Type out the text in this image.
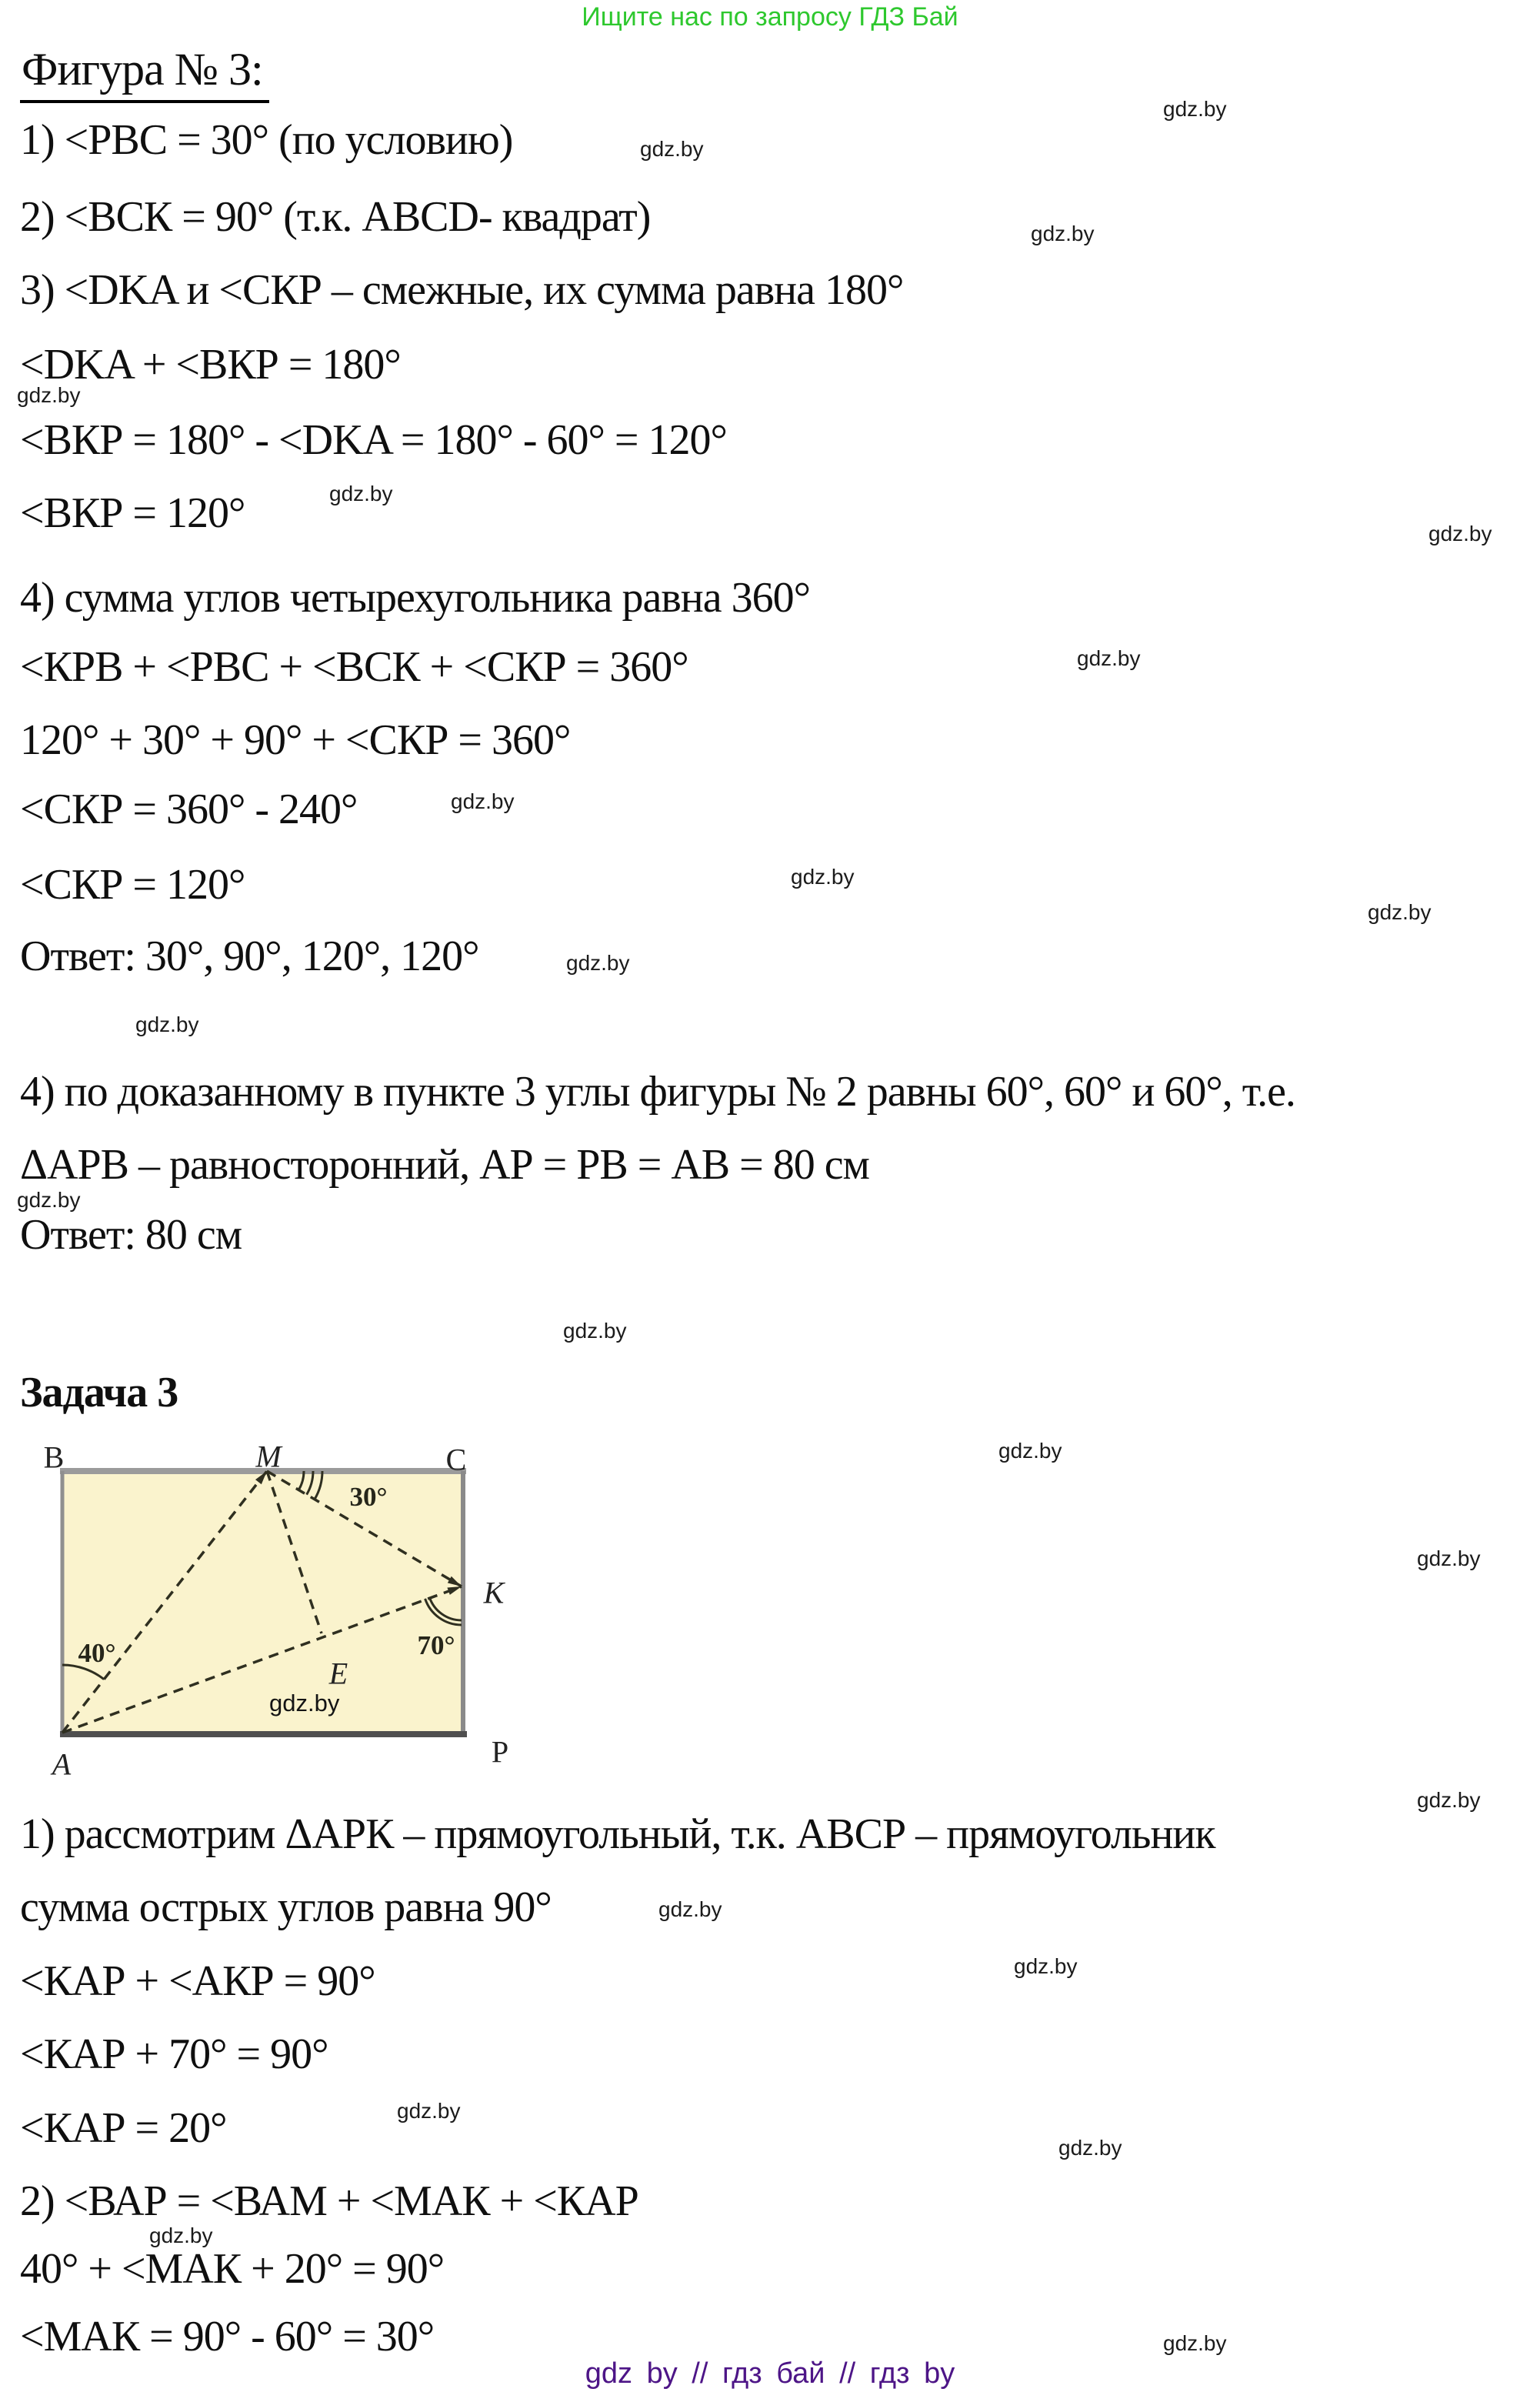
Ищите нас по запросу ГДЗ Бай
Фигура № 3:
1) <РВС = 30° (по условию)
2) <ВСК = 90° (т.к. ABCD- квадрат)
3) <DKA и <СКР – смежные, их сумма равна 180°
<DKA + <ВКР = 180°
<ВКР = 180° - <DKA = 180° - 60° = 120°
<ВКР = 120°
4) сумма углов четырехугольника равна 360°
<КРВ + <РВС + <ВСК + <СКР = 360°
120° + 30° + 90° + <СКР = 360°
<СКР = 360° - 240°
<СКР = 120°
Ответ: 30°, 90°, 120°, 120°
4) по доказанному в пункте 3 углы фигуры № 2 равны 60°, 60° и 60°, т.е.
ΔАРВ – равносторонний, АР = РВ = АВ = 80 см
Ответ: 80 см
Задача 3
B	M	C
K
E
P
A
30°
40°	70°
gdz.by
1) рассмотрим ΔАРК – прямоугольный, т.к. АВСР – прямоугольник
сумма острых углов равна 90°
<КАР + <АКР = 90°
<КАР + 70° = 90°
<КАР = 20°
2) <ВАР = <ВАМ + <МАК + <КАР
40° + <МАК + 20° = 90°
<МАК = 90° - 60° = 30°
gdz.by
gdz.by
gdz.by
gdz.by
gdz.by
gdz.by
gdz.by
gdz.by
gdz.by
gdz.by
gdz.by
gdz.by
gdz.by
gdz.by
gdz.by
gdz.by
gdz.by
gdz.by
gdz.by
gdz.by
gdz.by
gdz.by
gdz.by
gdz by // гдз бай // гдз by
